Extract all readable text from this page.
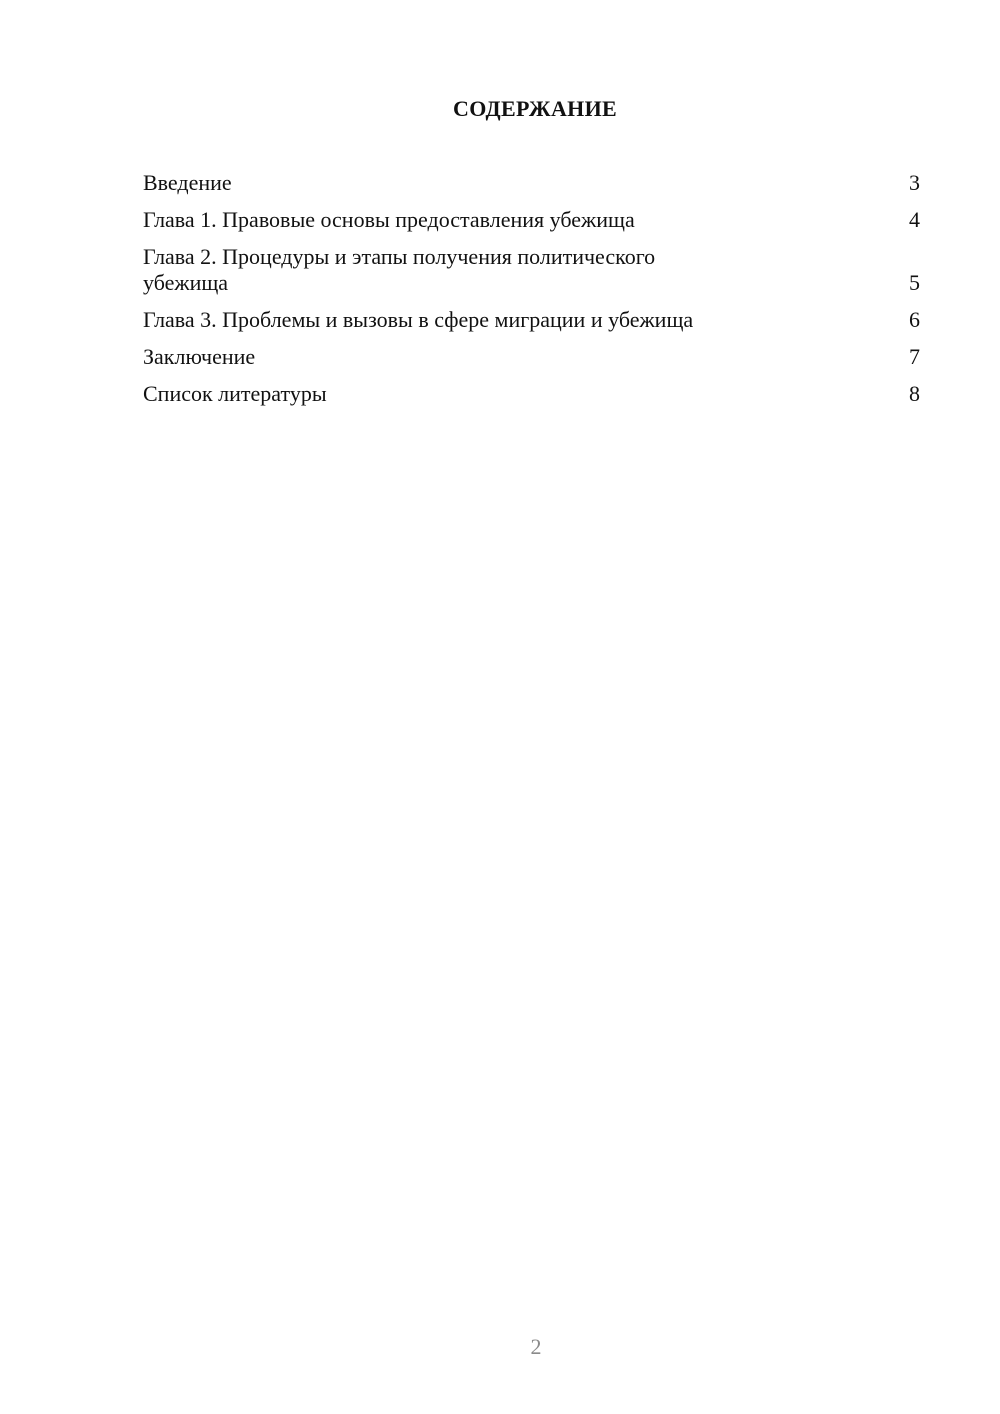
СОДЕРЖАНИЕ
Введение	3
Глава 1. Правовые основы предоставления убежища	4
Глава 2. Процедуры и этапы получения политического убежища	5
Глава 3. Проблемы и вызовы в сфере миграции и убежища	6
Заключение	7
Список литературы	8
2
